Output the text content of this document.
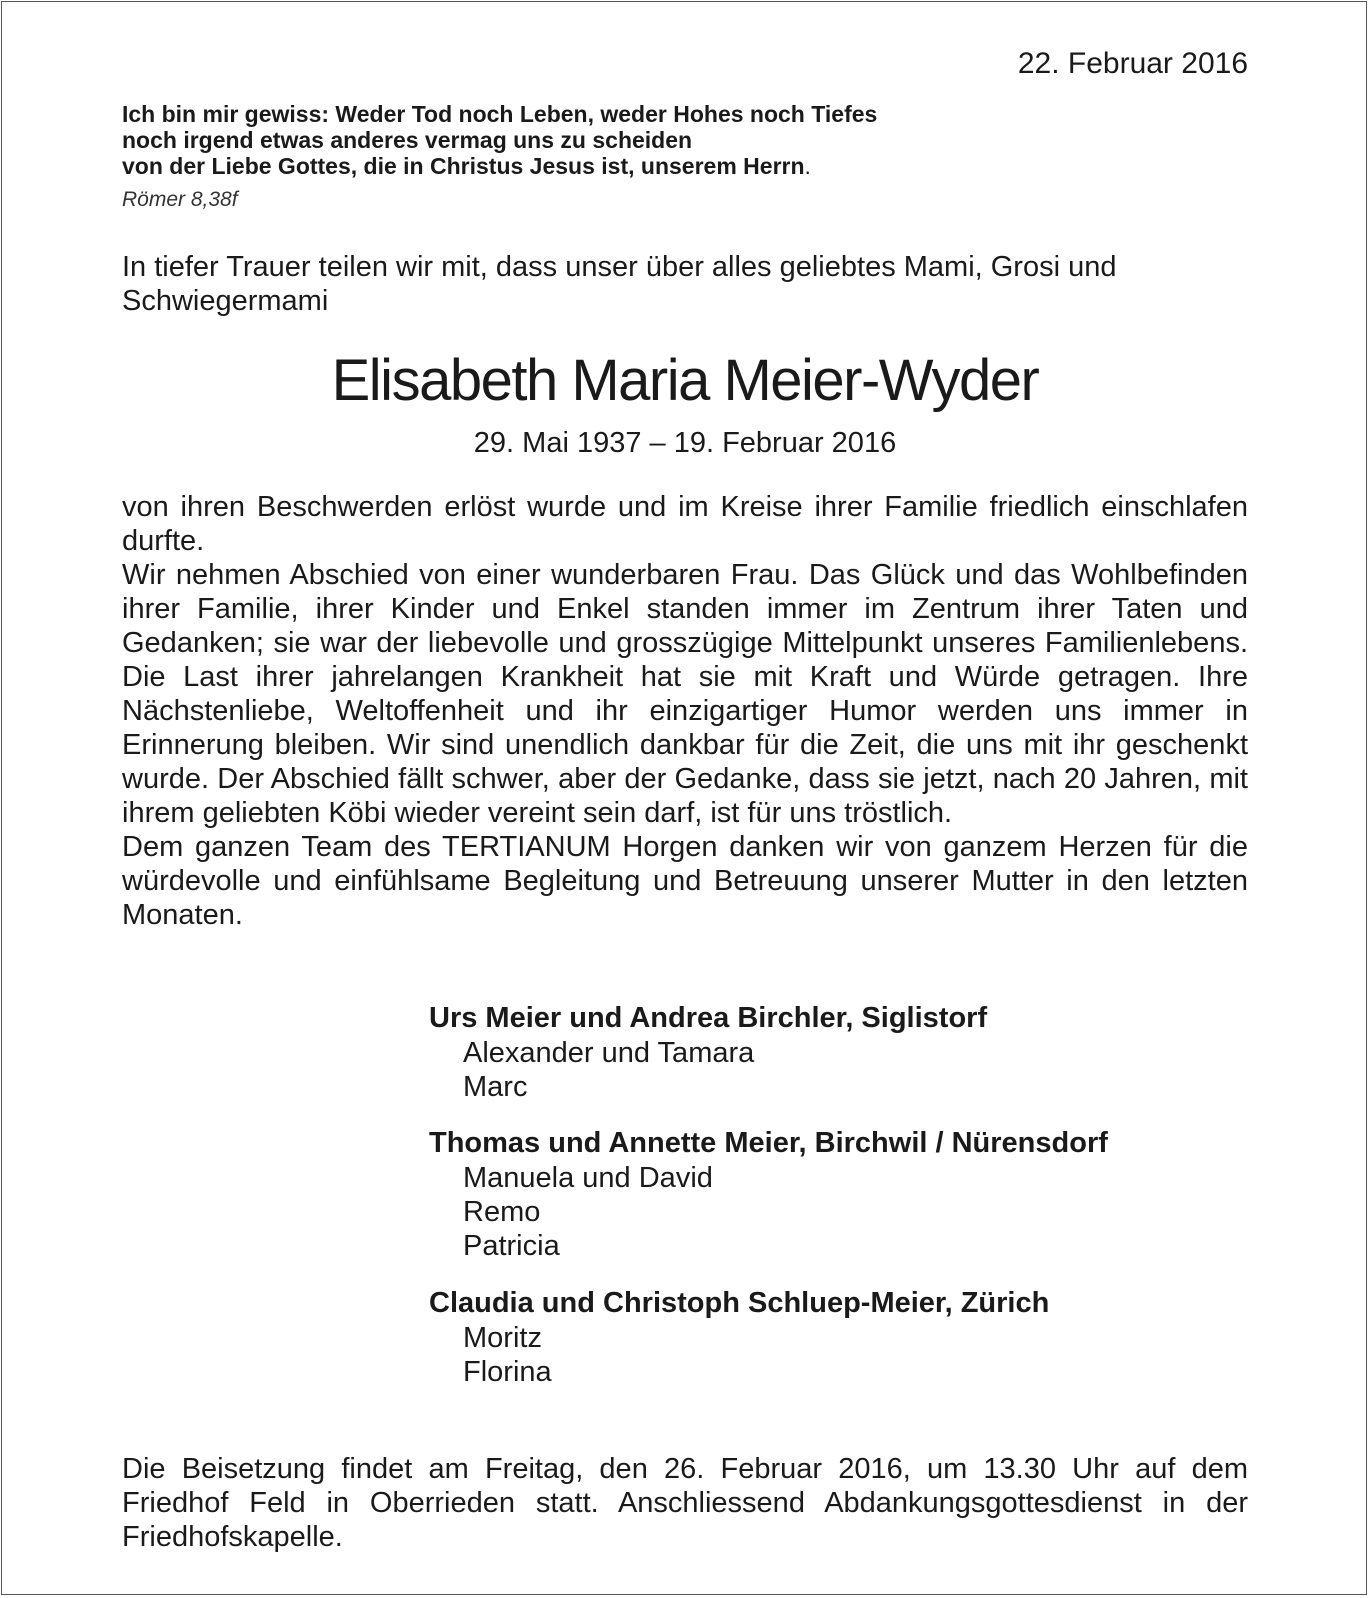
22. Februar 2016
Ich bin mir gewiss: Weder Tod noch Leben, weder Hohes noch Tiefes
noch irgend etwas anderes vermag uns zu scheiden
von der Liebe Gottes, die in Christus Jesus ist, unserem Herrn.
Römer 8,38f
In tiefer Trauer teilen wir mit, dass unser über alles geliebtes Mami, Grosi und Schwiegermami
Elisabeth Maria Meier-Wyder
29. Mai 1937 – 19. Februar 2016

von ihren Beschwerden erlöst wurde und im Kreise ihrer Familie friedlich einschlafen durfte.

Wir nehmen Abschied von einer wunderbaren Frau. Das Glück und das Wohlbefinden ihrer Familie, ihrer Kinder und Enkel standen immer im Zentrum ihrer Taten und Gedanken; sie war der liebevolle und grosszügige Mittelpunkt unseres Familienlebens. Die Last ihrer jahrelangen Krankheit hat sie mit Kraft und Würde getragen. Ihre Nächstenliebe, Weltoffenheit und ihr einzigartiger Humor werden uns immer in Erinnerung bleiben. Wir sind unendlich dankbar für die Zeit, die uns mit ihr geschenkt wurde. Der Abschied fällt schwer, aber der Gedanke, dass sie jetzt, nach 20 Jahren, mit ihrem geliebten Köbi wieder vereint sein darf, ist für uns tröstlich.

Dem ganzen Team des TERTIANUM Horgen danken wir von ganzem Herzen für die würdevolle und einfühlsame Begleitung und Betreuung unserer Mutter in den letzten Monaten.

Urs Meier und Andrea Birchler, Siglistorf
Alexander und Tamara
Marc
Thomas und Annette Meier, Birchwil / Nürensdorf
Manuela und David
Remo
Patricia
Claudia und Christoph Schluep-Meier, Zürich
Moritz
Florina
Die Beisetzung findet am Freitag, den 26. Februar 2016, um 13.30 Uhr auf dem Friedhof Feld in Oberrieden statt. Anschliessend Abdankungsgottesdienst in der Friedhofskapelle.
